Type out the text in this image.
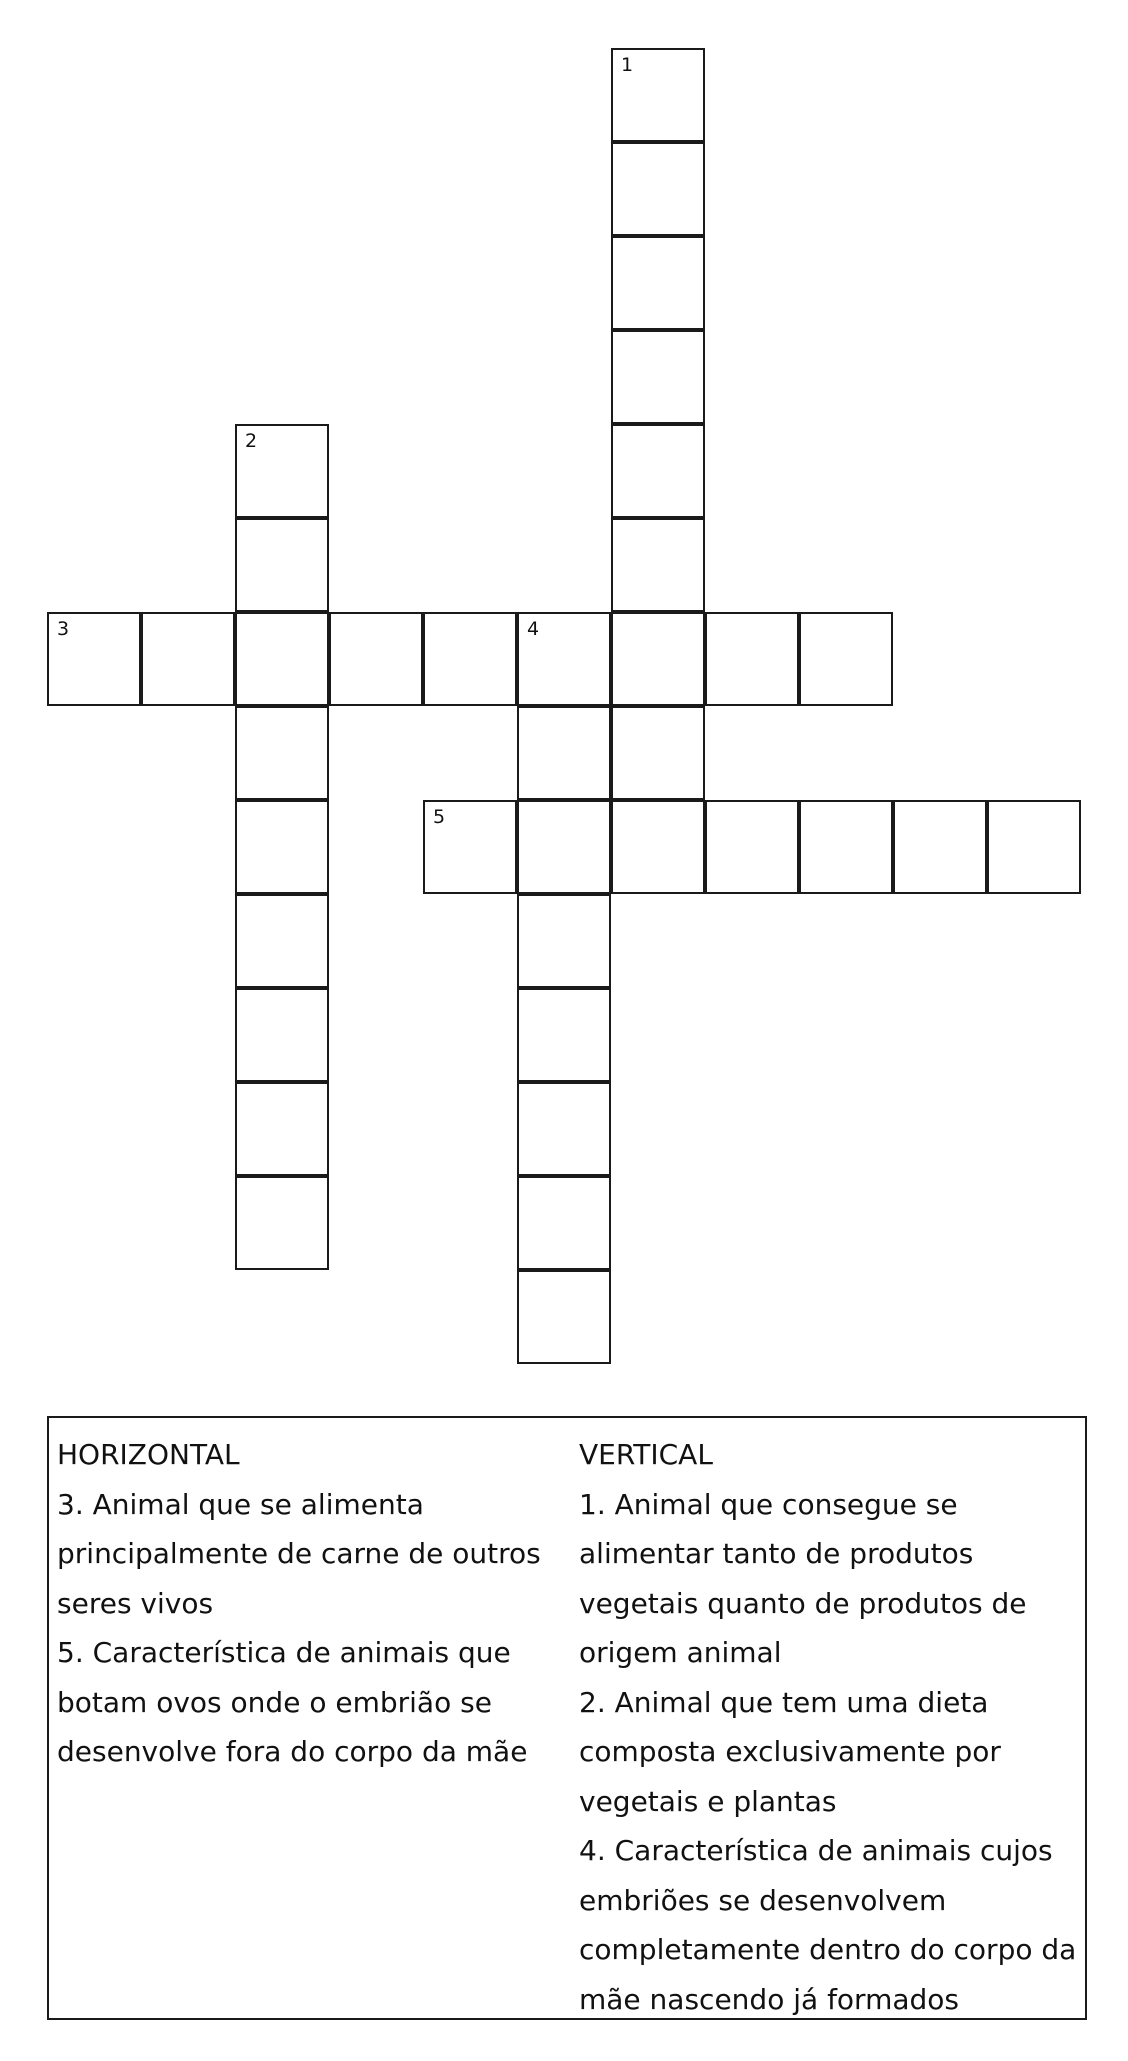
1
2
3	4
5

HORIZONTAL

3. Animal que se alimenta principalmente de carne de outros seres vivos

5. Característica de animais que botam ovos onde o embrião se desenvolve fora do corpo da mãe

VERTICAL

1. Animal que consegue se alimentar tanto de produtos vegetais quanto de produtos de origem animal

2. Animal que tem uma dieta composta exclusivamente por vegetais e plantas

4. Característica de animais cujos embriões se desenvolvem completamente dentro do corpo da mãe nascendo já formados
